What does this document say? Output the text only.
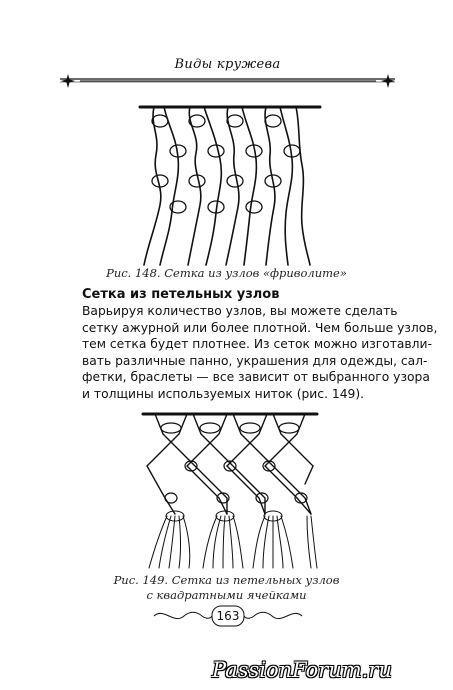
Виды кружева
Рис. 148. Сетка из узлов «фриволите»
Сетка из петельных узлов
Варьируя количество узлов, вы можете сделать
сетку ажурной или более плотной. Чем больше узлов,
тем сетка будет плотнее. Из сеток можно изготавли-
вать различные панно, украшения для одежды, сал-
фетки, браслеты — все зависит от выбранного узора
и толщины используемых ниток (рис. 149).
Рис. 149. Сетка из петельных узлов
с квадратными ячейками
163
PassionForum.ru
